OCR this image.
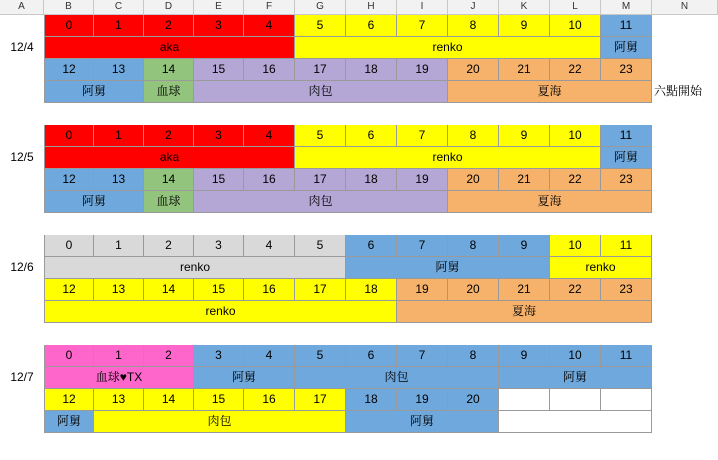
A	B	C	D	E	F	G	H	I	J	K	L	M	N
0	1	2	3	4	5	6	7	8	9	10	11
12/4	aka	renko	阿舅
12	13	14	15	16	17	18	19	20	21	22	23
阿舅	血球	肉包	夏海	六點開始
0	1	2	3	4	5	6	7	8	9	10	11
12/5	aka	renko	阿舅
12	13	14	15	16	17	18	19	20	21	22	23
阿舅	血球	肉包	夏海
0	1	2	3	4	5	6	7	8	9	10	11
12/6	renko	阿舅	renko
12	13	14	15	16	17	18	19	20	21	22	23
renko	夏海
0	1	2	3	4	5	6	7	8	9	10	11
12/7	血球♥TX	阿舅	肉包	阿舅
12	13	14	15	16	17	18	19	20
阿舅	肉包	阿舅
